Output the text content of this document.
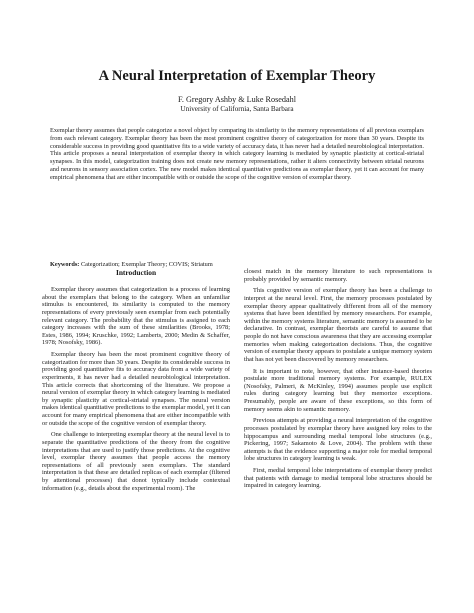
A Neural Interpretation of Exemplar Theory
F. Gregory Ashby & Luke Rosedahl
University of California, Santa Barbara
Exemplar theory assumes that people categorize a novel object by comparing its similarity to the memory representations of all previous exemplars from each relevant category. Exemplar theory has been the most prominent cognitive theory of categorization for more than 30 years. Despite its considerable success in providing good quantitative fits to a wide variety of accuracy data, it has never had a detailed neurobiological interpretation. This article proposes a neural interpretation of exemplar theory in which category learning is mediated by synaptic plasticity at cortical-striatal synapses. In this model, categorization training does not create new memory representations, rather it alters connectivity between striatal neurons and neurons in sensory association cortex. The new model makes identical quantitative predictions as exemplar theory, yet it can account for many empirical phenomena that are either incompatible with or outside the scope of the cognitive version of exemplar theory.
Keywords: Categorization; Exemplar Theory; COVIS; Striatum
Introduction

Exemplar theory assumes that categorization is a process of learning about the exemplars that belong to the category. When an unfamiliar stimulus is encountered, its similarity is computed to the memory representations of every previously seen exemplar from each potentially relevant category. The probability that the stimulus is assigned to each category increases with the sum of these similarities (Brooks, 1978; Estes, 1986, 1994; Kruschke, 1992; Lamberts, 2000; Medin & Schaffer, 1978; Nosofsky, 1986).

Exemplar theory has been the most prominent cognitive theory of categorization for more than 30 years. Despite its considerable success in providing good quantitative fits to accuracy data from a wide variety of experiments, it has never had a detailed neurobiological interpretation. This article corrects that shortcoming of the literature. We propose a neural version of exemplar theory in which category learning is mediated by synaptic plasticity at cortical-striatal synapses. The neural version makes identical quantitative predictions to the exemplar model, yet it can account for many empirical phenomena that are either incompatible with or outside the scope of the cognitive version of exemplar theory.

One challenge to interpreting exemplar theory at the neural level is to separate the quantitative predictions of the theory from the cognitive interpretations that are used to justify those predictions. At the cognitive level, exemplar theory assumes that people access the memory representations of all previously seen exemplars. The standard interpretation is that these are detailed replicas of each exemplar (filtered by attentional processes) that donot typically include contextual information (e.g., details about the experimental room). The

closest match in the memory literature to such representations is probably provided by semantic memory.

This cognitive version of exemplar theory has been a challenge to interpret at the neural level. First, the memory processes postulated by exemplar theory appear qualitatively different from all of the memory systems that have been identified by memory researchers. For example, within the memory systems literature, semantic memory is assumed to be declarative. In contrast, exemplar theorists are careful to assume that people do not have conscious awareness that they are accessing exemplar memories when making categorization decisions. Thus, the cognitive version of exemplar theory appears to postulate a unique memory system that has not yet been discovered by memory researchers.

It is important to note, however, that other instance-based theories postulate more traditional memory systems. For example, RULEX (Nosofsky, Palmeri, & McKinley, 1994) assumes people use explicit rules during category learning but they memorize exceptions. Presumably, people are aware of these exceptions, so this form of memory seems akin to semantic memory.

Previous attempts at providing a neural interpretation of the cognitive processes postulated by exemplar theory have assigned key roles to the hippocampus and surrounding medial temporal lobe structures (e.g., Pickering, 1997; Sakamoto & Love, 2004). The problem with these attempts is that the evidence supporting a major role for medial temporal lobe structures in category learning is weak.

First, medial temporal lobe interpretations of exemplar theory predict that patients with damage to medial temporal lobe structures should be impaired in category learning.
